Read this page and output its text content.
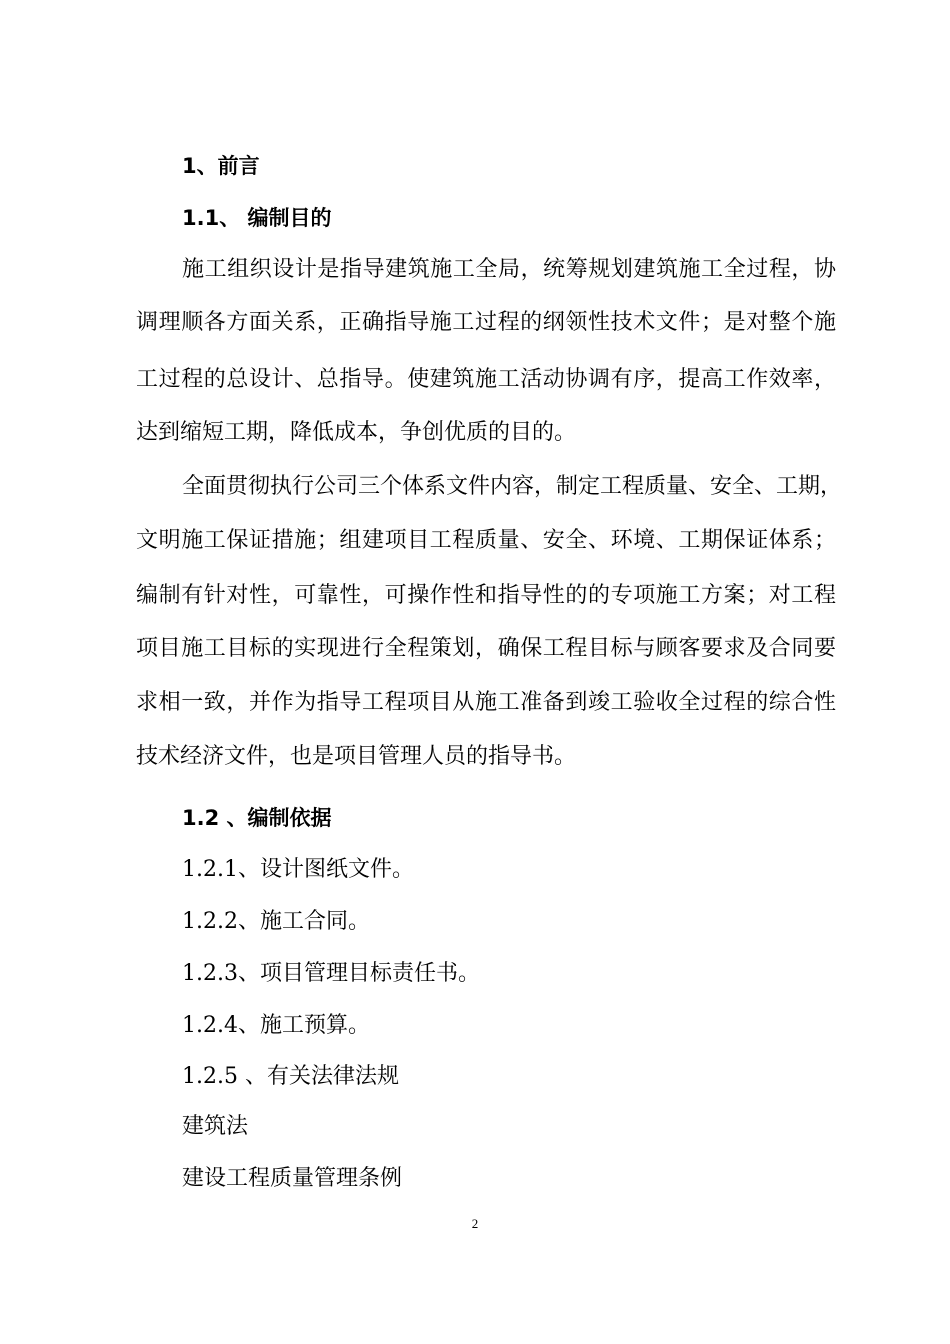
1、前言
1.1、 编制目的
施工组织设计是指导建筑施工全局，统筹规划建筑施工全过程，协
调理顺各方面关系，正确指导施工过程的纲领性技术文件；是对整个施
工过程的总设计、总指导。使建筑施工活动协调有序，提高工作效率，
达到缩短工期，降低成本，争创优质的目的。
全面贯彻执行公司三个体系文件内容，制定工程质量、安全、工期，
文明施工保证措施；组建项目工程质量、安全、环境、工期保证体系；
编制有针对性，可靠性，可操作性和指导性的的专项施工方案；对工程
项目施工目标的实现进行全程策划，确保工程目标与顾客要求及合同要
求相一致，并作为指导工程项目从施工准备到竣工验收全过程的综合性
技术经济文件，也是项目管理人员的指导书。
1.2 、编制依据
1.2.1、设计图纸文件。
1.2.2、施工合同。
1.2.3、项目管理目标责任书。
1.2.4、施工预算。
1.2.5 、有关法律法规
建筑法
建设工程质量管理条例
2
